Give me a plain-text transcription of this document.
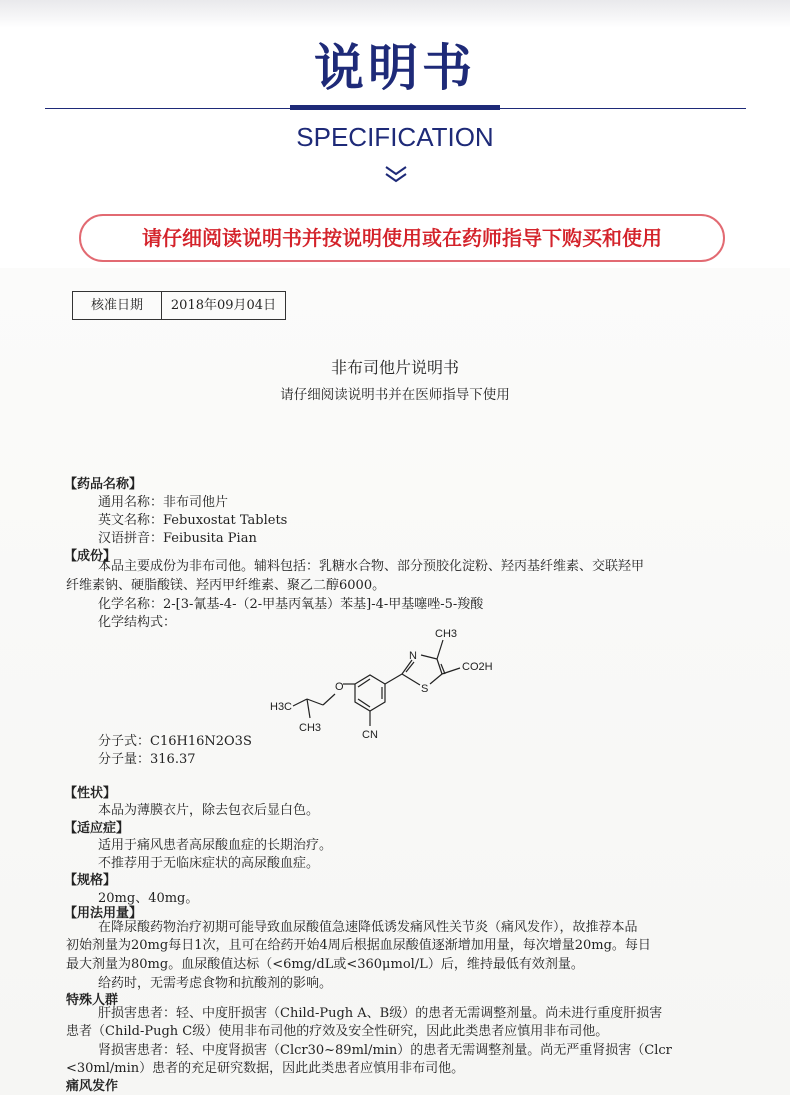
说明书
SPECIFICATION
请仔细阅读说明书并按说明使用或在药师指导下购买和使用
核准日期	2018年09月04日
非布司他片说明书
请仔细阅读说明书并在医师指导下使用
【药品名称】
通用名称：非布司他片
英文名称：Febuxostat Tablets
汉语拼音：Feibusita Pian
【成份】
本品主要成份为非布司他。辅料包括：乳糖水合物、部分预胶化淀粉、羟丙基纤维素、交联羟甲
纤维素钠、硬脂酸镁、羟丙甲纤维素、聚乙二醇6000。
化学名称：2-[3-氰基-4-（2-甲基丙氧基）苯基]-4-甲基噻唑-5-羧酸
化学结构式：
CH3
CO2H
N
S
H3C
O
CH3
CN
分子式：C16H16N2O3S
分子量：316.37
【性状】
本品为薄膜衣片，除去包衣后显白色。
【适应症】
适用于痛风患者高尿酸血症的长期治疗。
不推荐用于无临床症状的高尿酸血症。
【规格】
20mg、40mg。
【用法用量】
在降尿酸药物治疗初期可能导致血尿酸值急速降低诱发痛风性关节炎（痛风发作），故推荐本品
初始剂量为20mg每日1次，且可在给药开始4周后根据血尿酸值逐渐增加用量，每次增量20mg。每日
最大剂量为80mg。血尿酸值达标（<6mg/dL或<360μmol/L）后，维持最低有效剂量。
给药时，无需考虑食物和抗酸剂的影响。
特殊人群
肝损害患者：轻、中度肝损害（Child-Pugh A、B级）的患者无需调整剂量。尚未进行重度肝损害
患者（Child-Pugh C级）使用非布司他的疗效及安全性研究，因此此类患者应慎用非布司他。
肾损害患者：轻、中度肾损害（Clcr30~89ml/min）的患者无需调整剂量。尚无严重肾损害（Clcr
<30ml/min）患者的充足研究数据，因此此类患者应慎用非布司他。
痛风发作
